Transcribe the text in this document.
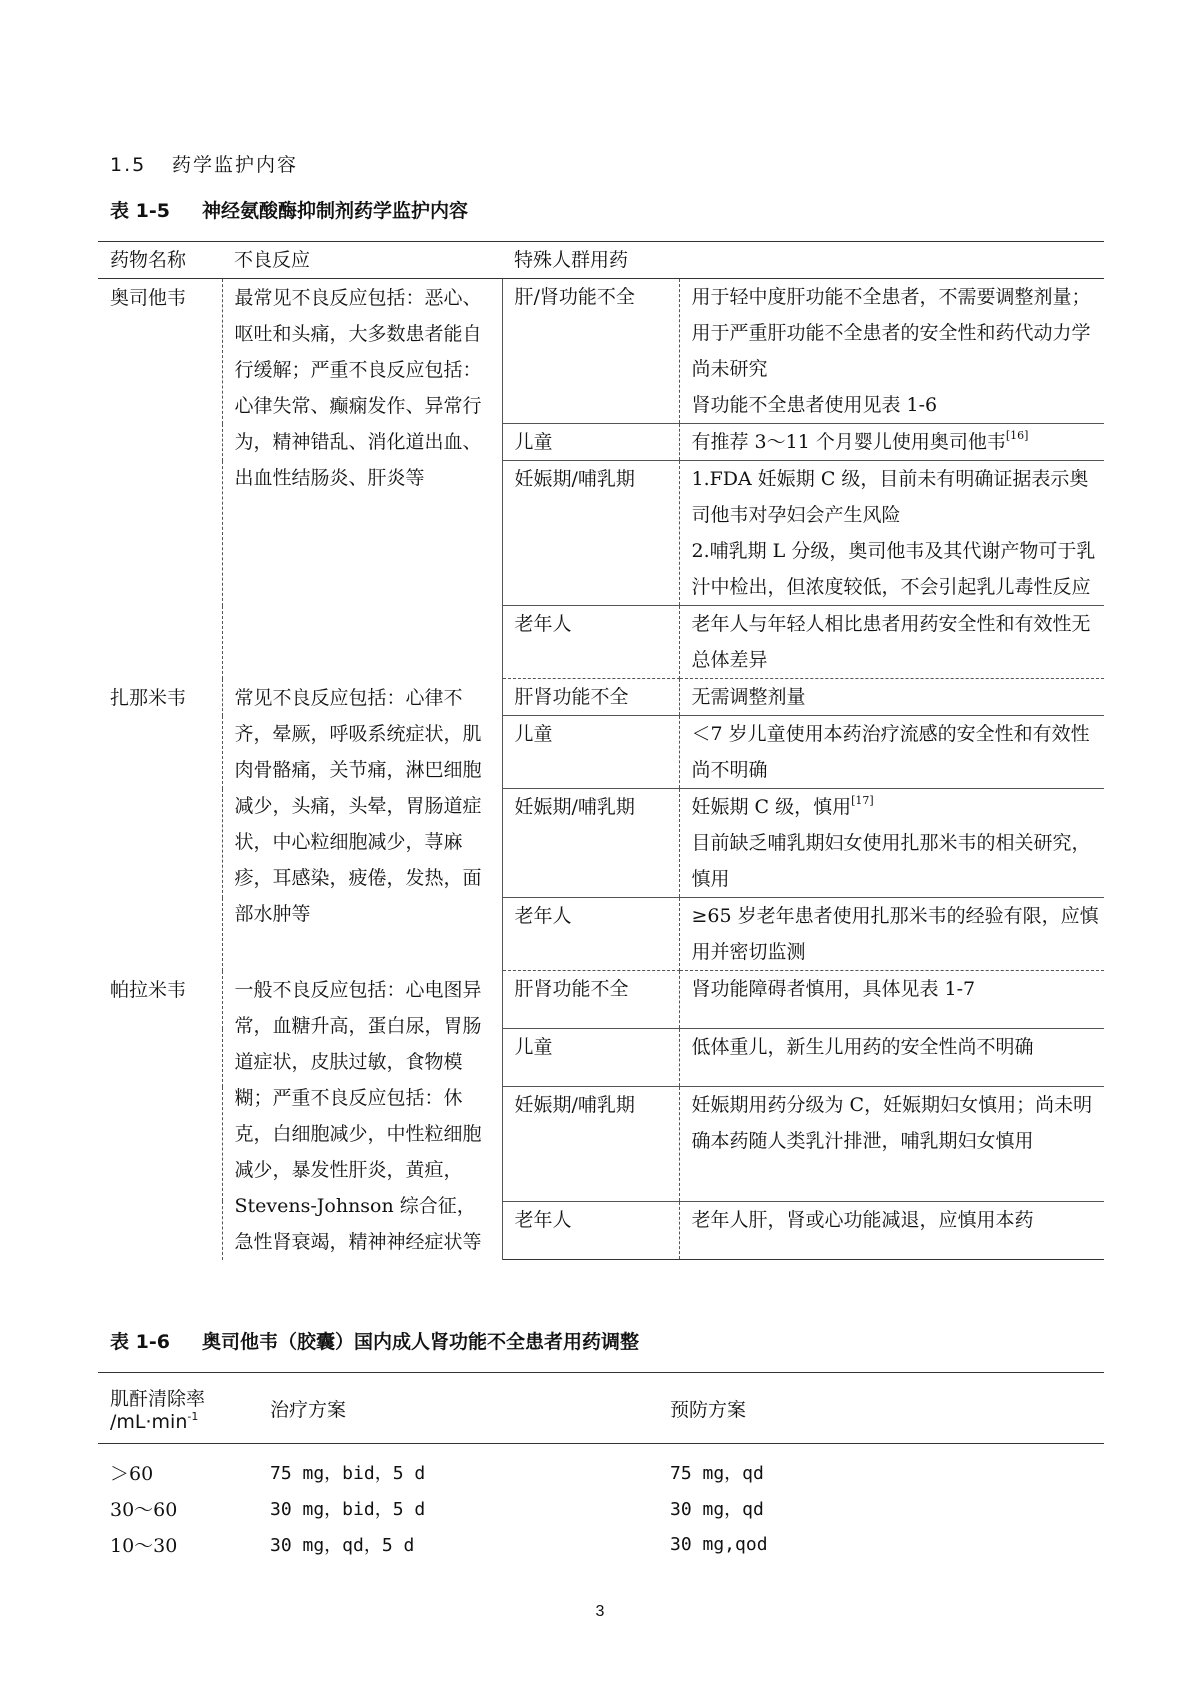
1.5 药学监护内容
表 1-5 神经氨酸酶抑制剂药学监护内容
药物名称	不良反应	特殊人群用药	
奥司他韦	最常见不良反应包括：恶心、呕吐和头痛，大多数患者能自行缓解；严重不良反应包括：心律失常、癫痫发作、异常行为，精神错乱、消化道出血、出血性结肠炎、肝炎等	肝/肾功能不全	用于轻中度肝功能不全患者，不需要调整剂量；用于严重肝功能不全患者的安全性和药代动力学尚未研究
肾功能不全患者使用见表 1-6

		儿童	有推荐 3～11 个月婴儿使用奥司他韦[16]

		妊娠期/哺乳期	1.FDA 妊娠期 C 级，目前未有明确证据表示奥司他韦对孕妇会产生风险
2.哺乳期 L 分级，奥司他韦及其代谢产物可于乳汁中检出，但浓度较低，不会引起乳儿毒性反应

		老年人	老年人与年轻人相比患者用药安全性和有效性无总体差异

扎那米韦	常见不良反应包括：心律不齐，晕厥，呼吸系统症状，肌肉骨骼痛，关节痛，淋巴细胞减少，头痛，头晕，胃肠道症状，中心粒细胞减少，荨麻疹，耳感染，疲倦，发热，面部水肿等	肝肾功能不全	无需调整剂量

		儿童	＜7 岁儿童使用本药治疗流感的安全性和有效性尚不明确

		妊娠期/哺乳期	妊娠期 C 级，慎用[17]
目前缺乏哺乳期妇女使用扎那米韦的相关研究，慎用

		老年人	≥65 岁老年患者使用扎那米韦的经验有限，应慎用并密切监测

帕拉米韦	一般不良反应包括：心电图异常，血糖升高，蛋白尿，胃肠道症状，皮肤过敏，食物模糊；严重不良反应包括：休克，白细胞减少，中性粒细胞减少，暴发性肝炎，黄疸，Stevens-Johnson 综合征，急性肾衰竭，精神神经症状等	肝肾功能不全	肾功能障碍者慎用，具体见表 1-7

		儿童	低体重儿，新生儿用药的安全性尚不明确

		妊娠期/哺乳期	妊娠期用药分级为 C，妊娠期妇女慎用；尚未明确本药随人类乳汁排泄，哺乳期妇女慎用

		老年人	老年人肝，肾或心功能减退，应慎用本药
表 1-6 奥司他韦（胶囊）国内成人肾功能不全患者用药调整
肌酐清除率
$/mL\cdot\min^{-1}$	治疗方案	预防方案
＞60	75 mg，bid，5 d	75 mg，qd
30～60	30 mg，bid，5 d	30 mg，qd
10～30	30 mg，qd，5 d	30 mg,qod
3
